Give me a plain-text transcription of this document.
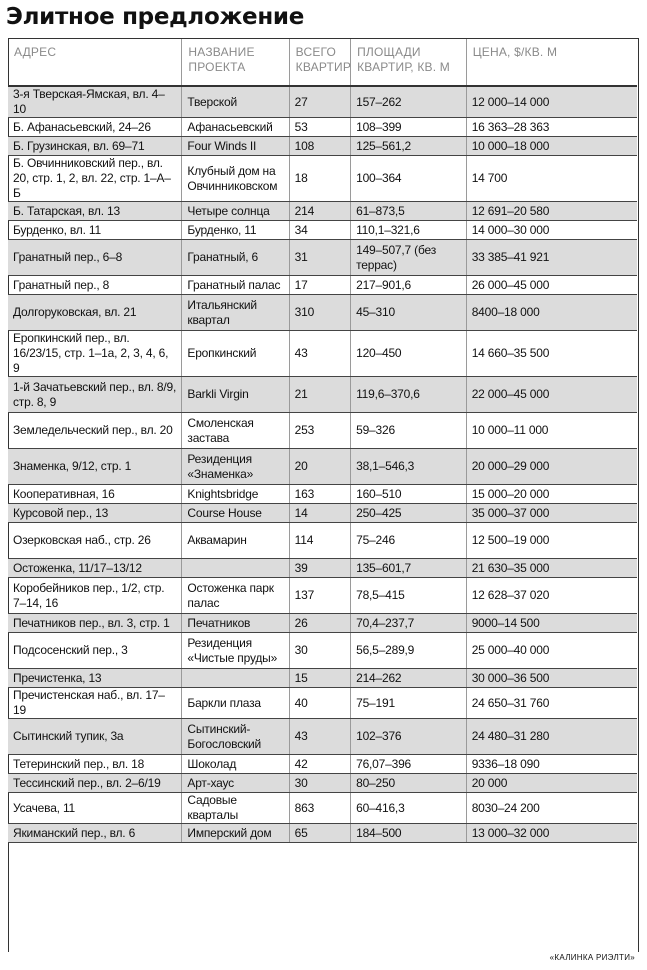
Элитное предложение
АДРЕС	НАЗВАНИЕ ПРОЕКТА	ВСЕГО КВАРТИР	ПЛОЩАДИ КВАРТИР, КВ. М	ЦЕНА, $/КВ. М
3-я Тверская-Ямская, вл. 4–10	Тверской	27	157–262	12 000–14 000
Б. Афанасьевский, 24–26	Афанасьевский	53	108–399	16 363–28 363
Б. Грузинская, вл. 69–71	Four Winds II	108	125–561,2	10 000–18 000
Б. Овчинниковский пер., вл. 20, стр. 1, 2, вл. 22, стр. 1–А–Б	Клубный дом на Овчинниковском	18	100–364	14 700
Б. Татарская, вл. 13	Четыре солнца	214	61–873,5	12 691–20 580
Бурденко, вл. 11	Бурденко, 11	34	110,1–321,6	14 000–30 000
Гранатный пер., 6–8	Гранатный, 6	31	149–507,7 (без террас)	33 385–41 921
Гранатный пер., 8	Гранатный палас	17	217–901,6	26 000–45 000
Долгоруковская, вл. 21	Итальянский квартал	310	45–310	8400–18 000
Еропкинский пер., вл. 16/23/15, стр. 1–1а, 2, 3, 4, 6, 9	Еропкинский	43	120–450	14 660–35 500
1-й Зачатьевский пер., вл. 8/9, стр. 8, 9	Barkli Virgin	21	119,6–370,6	22 000–45 000
Земледельческий пер., вл. 20	Смоленская застава	253	59–326	10 000–11 000
Знаменка, 9/12, стр. 1	Резиденция «Знаменка»	20	38,1–546,3	20 000–29 000
Кооперативная, 16	Knightsbridge	163	160–510	15 000–20 000
Курсовой пер., 13	Course House	14	250–425	35 000–37 000
Озерковская наб., стр. 26	Аквамарин	114	75–246	12 500–19 000
Остоженка, 11/17–13/12		39	135–601,7	21 630–35 000
Коробейников пер., 1/2, стр. 7–14, 16	Остоженка парк палас	137	78,5–415	12 628–37 020
Печатников пер., вл. 3, стр. 1	Печатников	26	70,4–237,7	9000–14 500
Подсосенский пер., 3	Резиденция «Чистые пруды»	30	56,5–289,9	25 000–40 000
Пречистенка, 13		15	214–262	30 000–36 500
Пречистенская наб., вл. 17–19	Баркли плаза	40	75–191	24 650–31 760
Сытинский тупик, 3а	Сытинский-Богословский	43	102–376	24 480–31 280
Тетеринский пер., вл. 18	Шоколад	42	76,07–396	9336–18 090
Тессинский пер., вл. 2–6/19	Арт-хаус	30	80–250	20 000
Усачева, 11	Садовые кварталы	863	60–416,3	8030–24 200
Якиманский пер., вл. 6	Имперский дом	65	184–500	13 000–32 000
«КАЛИНКА РИЭЛТИ»
